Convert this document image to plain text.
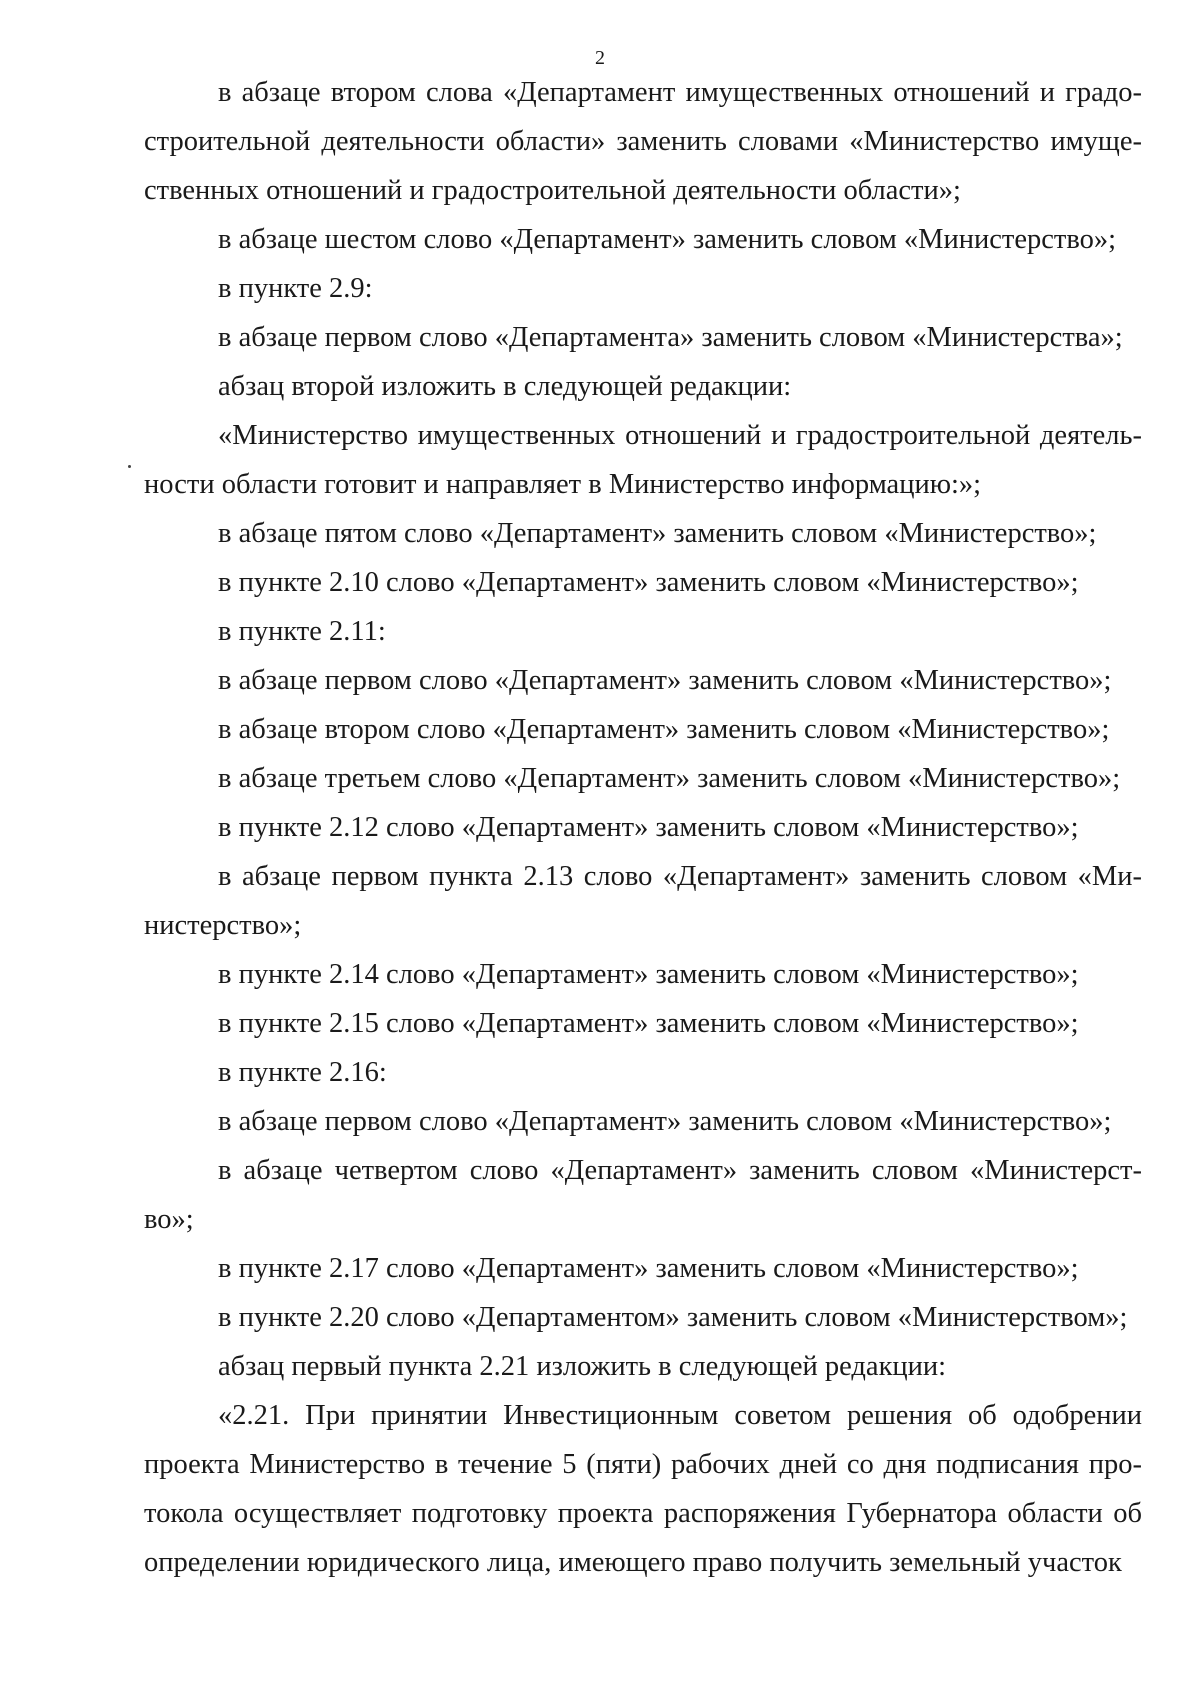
2

в абзаце втором слова «Департамент имущественных отношений и градостроительной деятельности области» заменить словами «Министерство имущественных отношений и градостроительной деятельности области»;

в абзаце шестом слово «Департамент» заменить словом «Министерство»;

в пункте 2.9:

в абзаце первом слово «Департамента» заменить словом «Министерства»;

абзац второй изложить в следующей редакции:

«Министерство имущественных отношений и градостроительной деятельности области готовит и направляет в Министерство информацию:»;

в абзаце пятом слово «Департамент» заменить словом «Министерство»;

в пункте 2.10 слово «Департамент» заменить словом «Министерство»;

в пункте 2.11:

в абзаце первом слово «Департамент» заменить словом «Министерство»;

в абзаце втором слово «Департамент» заменить словом «Министерство»;

в абзаце третьем слово «Департамент» заменить словом «Министерство»;

в пункте 2.12 слово «Департамент» заменить словом «Министерство»;

в абзаце первом пункта 2.13 слово «Департамент» заменить словом «Министерство»;

в пункте 2.14 слово «Департамент» заменить словом «Министерство»;

в пункте 2.15 слово «Департамент» заменить словом «Министерство»;

в пункте 2.16:

в абзаце первом слово «Департамент» заменить словом «Министерство»;

в абзаце четвертом слово «Департамент» заменить словом «Министерство»;

в пункте 2.17 слово «Департамент» заменить словом «Министерство»;

в пункте 2.20 слово «Департаментом» заменить словом «Министерством»;

абзац первый пункта 2.21 изложить в следующей редакции:

«2.21. При принятии Инвестиционным советом решения об одобрении проекта Министерство в течение 5 (пяти) рабочих дней со дня подписания протокола осуществляет подготовку проекта распоряжения Губернатора области об определении юридического лица, имеющего право получить земельный участок
